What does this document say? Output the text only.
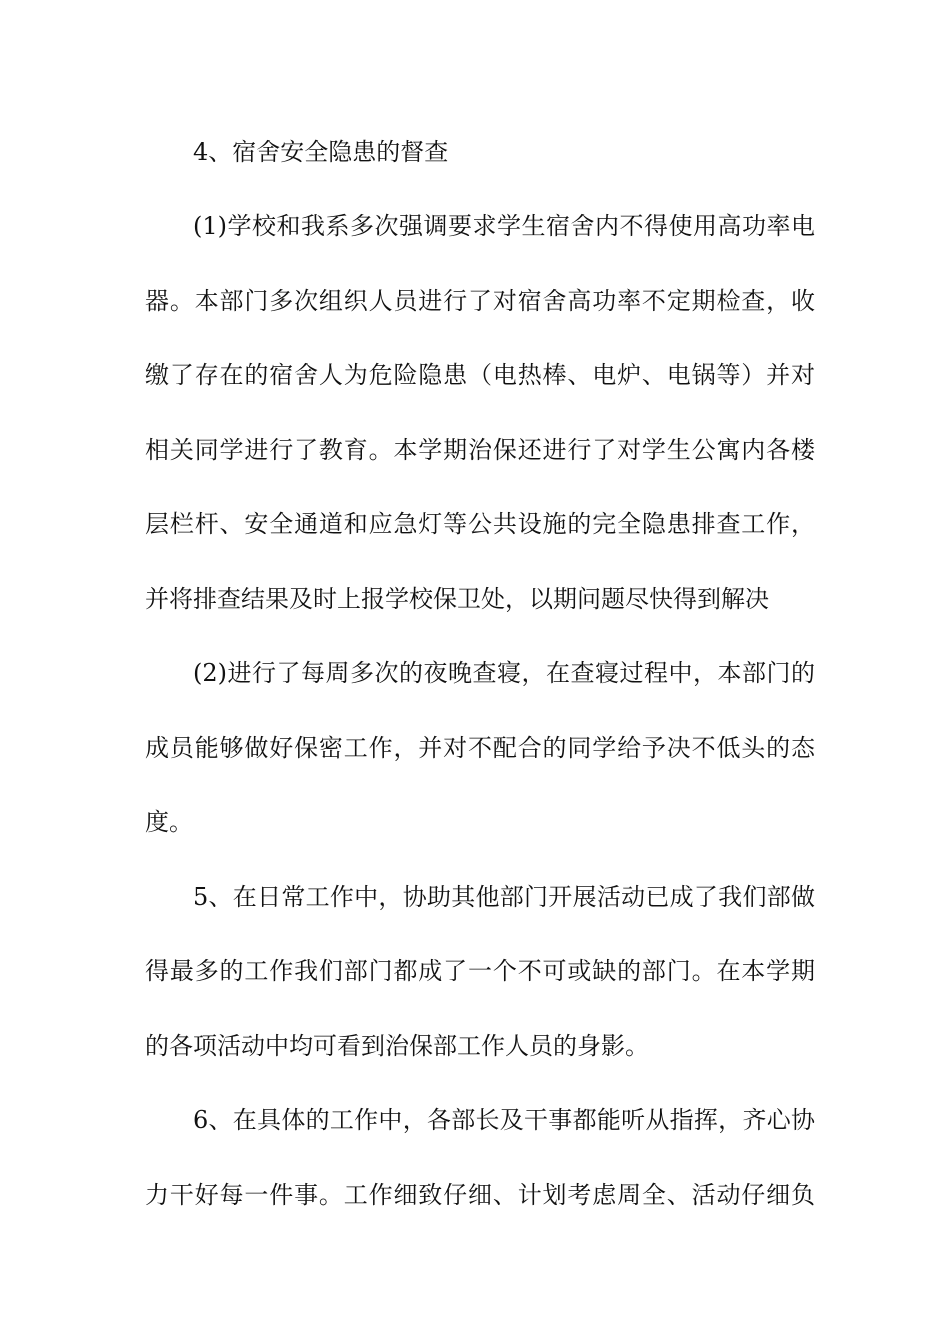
4、宿舍安全隐患的督查
(1)学校和我系多次强调要求学生宿舍内不得使用高功率电
器。本部门多次组织人员进行了对宿舍高功率不定期检查，收
缴了存在的宿舍人为危险隐患（电热棒、电炉、电锅等）并对
相关同学进行了教育。本学期治保还进行了对学生公寓内各楼
层栏杆、安全通道和应急灯等公共设施的完全隐患排查工作，
并将排查结果及时上报学校保卫处，以期问题尽快得到解决
(2)进行了每周多次的夜晚查寝，在查寝过程中，本部门的
成员能够做好保密工作，并对不配合的同学给予决不低头的态
度。
5、在日常工作中，协助其他部门开展活动已成了我们部做
得最多的工作我们部门都成了一个不可或缺的部门。在本学期
的各项活动中均可看到治保部工作人员的身影。
6、在具体的工作中，各部长及干事都能听从指挥，齐心协
力干好每一件事。工作细致仔细、计划考虑周全、活动仔细负
